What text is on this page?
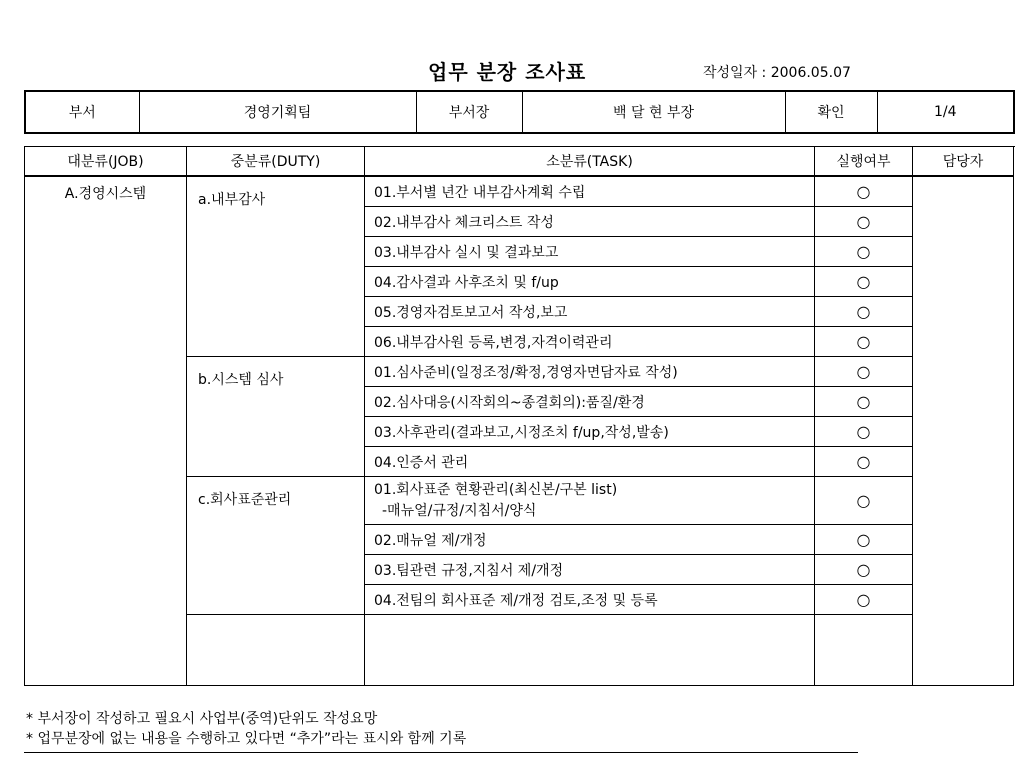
업무 분장 조사표	작성일자 : 2006.05.07
부서	경영기획팀	부서장	백 달 현 부장	확인	1/4
대분류(JOB)	중분류(DUTY)	소분류(TASK)	실행여부	담당자	
A.경영시스템	a.내부감사	01.부서별 년간 내부감사계획 수립	○		
		02.내부감사 체크리스트 작성	○		
		03.내부감사 실시 및 결과보고	○		
		04.감사결과 사후조치 및 f/up	○		
		05.경영자검토보고서 작성,보고	○		
		06.내부감사원 등록,변경,자격이력관리	○		
	b.시스템 심사	01.심사준비(일정조정/확정,경영자면담자료 작성)	○		
		02.심사대응(시작회의~종결회의):품질/환경	○		
		03.사후관리(결과보고,시정조치 f/up,작성,발송)	○		
		04.인증서 관리	○		
	c.회사표준관리	01.회사표준 현황관리(최신본/구본 list)
-매뉴얼/규정/지침서/양식	○		
		02.매뉴얼 제/개정	○		
		03.팀관련 규정,지침서 제/개정	○		
		04.전팀의 회사표준 제/개정 검토,조정 및 등록	○		

* 부서장이 작성하고 필요시 사업부(중역)단위도 작성요망
* 업무분장에 없는 내용을 수행하고 있다면 “추가”라는 표시와 함께 기록
